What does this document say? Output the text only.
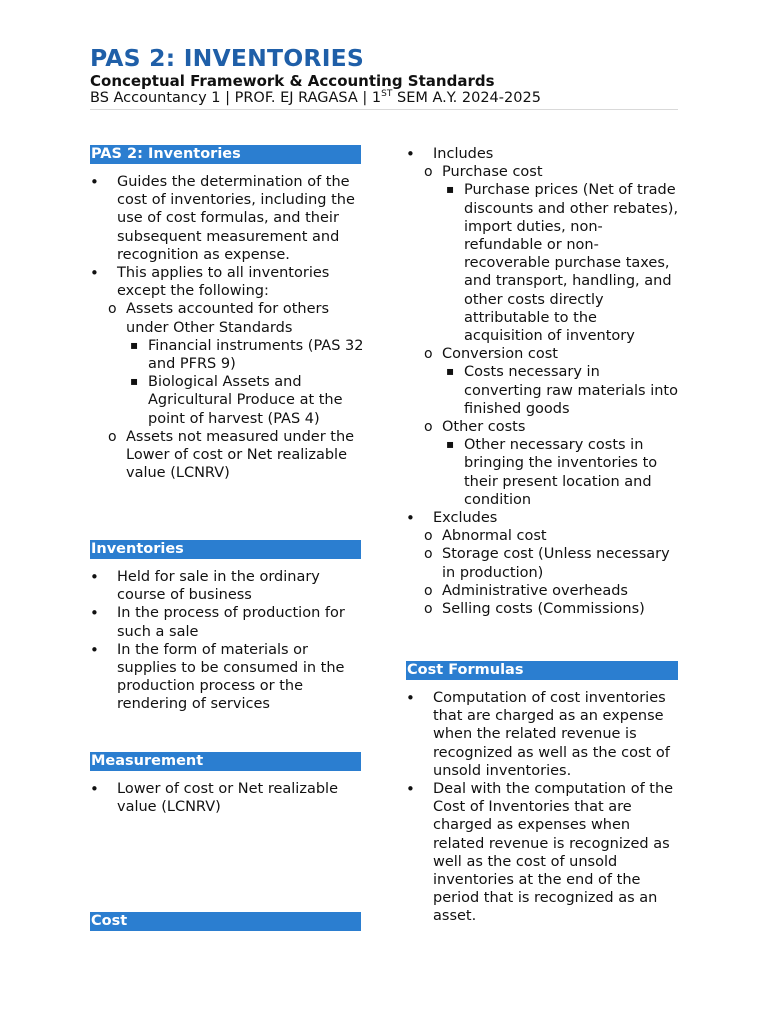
PAS 2: INVENTORIES
Conceptual Framework & Accounting Standards
BS Accountancy 1 | PROF. EJ RAGASA | 1ST SEM A.Y. 2024-2025
PAS 2: Inventories
• Guides the determination of the cost of inventories, including the use of cost formulas, and their subsequent measurement and recognition as expense.
• This applies to all inventories except the following:
o Assets accounted for others under Other Standards
▪ Financial instruments (PAS 32 and PFRS 9)
▪ Biological Assets and Agricultural Produce at the point of harvest (PAS 4)
o Assets not measured under the Lower of cost or Net realizable value (LCNRV)
Inventories
• Held for sale in the ordinary course of business
• In the process of production for such a sale
• In the form of materials or supplies to be consumed in the production process or the rendering of services
Measurement
• Lower of cost or Net realizable value (LCNRV)
Cost
• Includes
o Purchase cost
▪ Purchase prices (Net of trade discounts and other rebates), import duties, non-refundable or non-recoverable purchase taxes, and transport, handling, and other costs directly attributable to the acquisition of inventory
o Conversion cost
▪ Costs necessary in converting raw materials into finished goods
o Other costs
▪ Other necessary costs in bringing the inventories to their present location and condition
• Excludes
o Abnormal cost
o Storage cost (Unless necessary in production)
o Administrative overheads
o Selling costs (Commissions)
Cost Formulas
• Computation of cost inventories that are charged as an expense when the related revenue is recognized as well as the cost of unsold inventories.
• Deal with the computation of the Cost of Inventories that are charged as expenses when related revenue is recognized as well as the cost of unsold inventories at the end of the period that is recognized as an asset.
